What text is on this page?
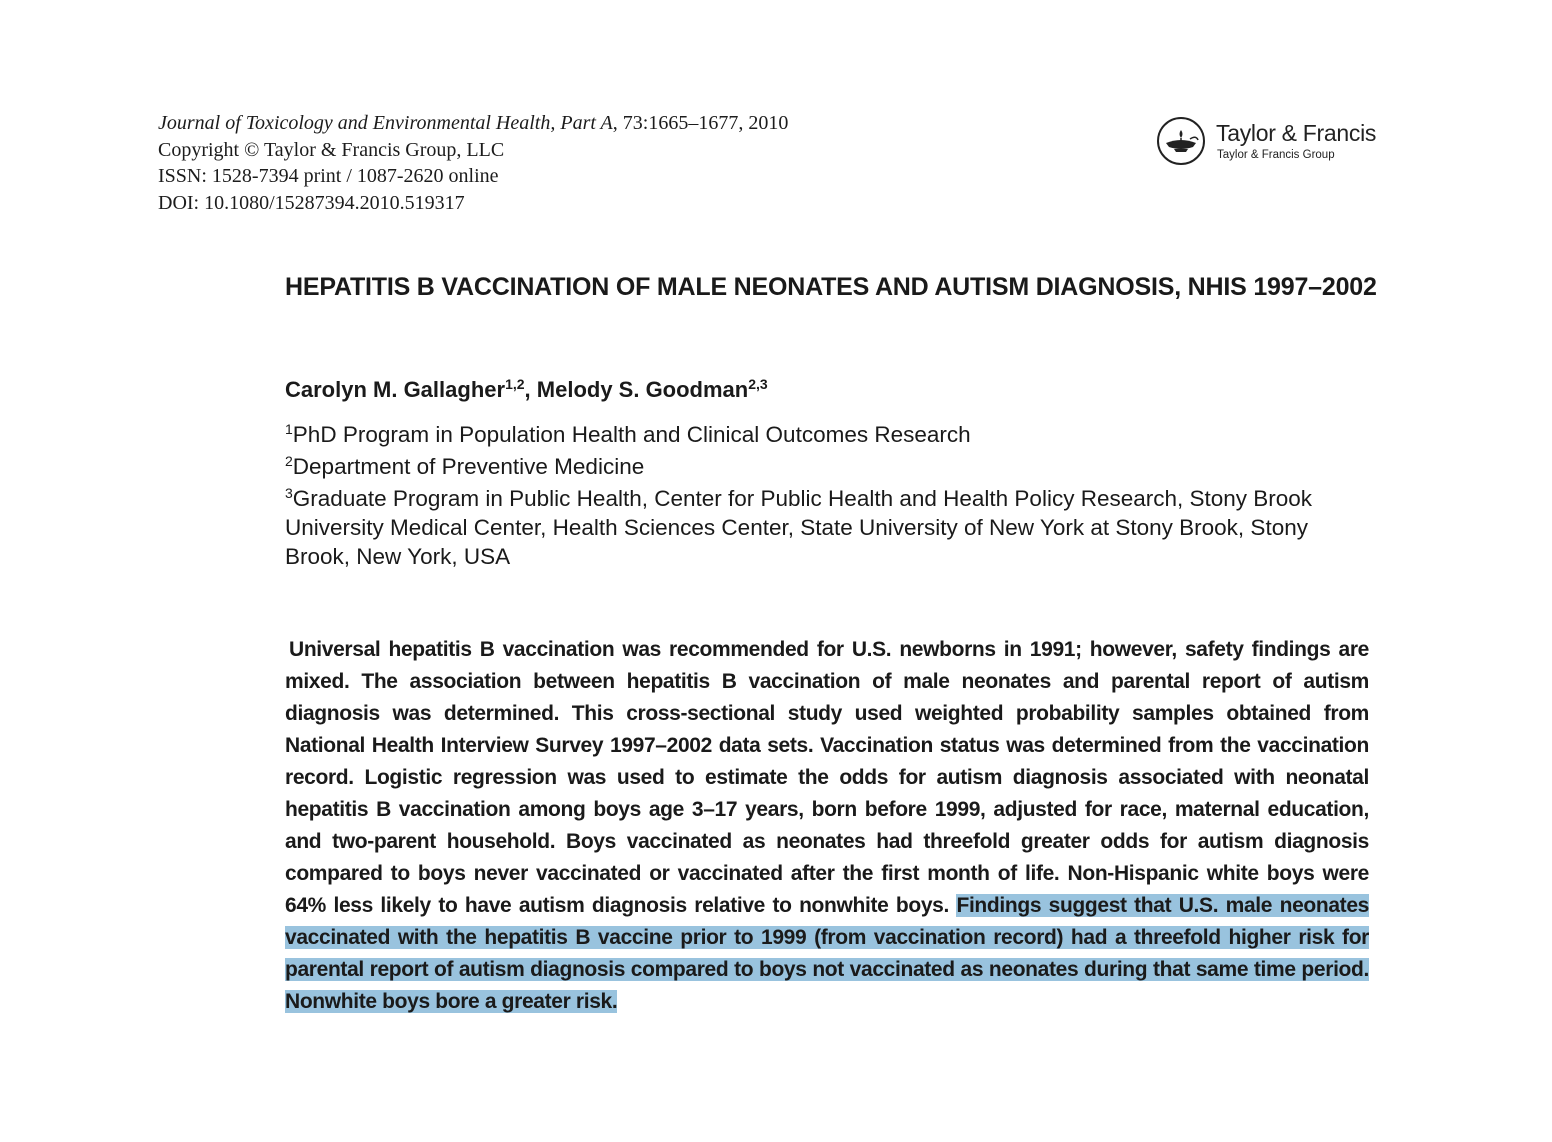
Journal of Toxicology and Environmental Health, Part A, 73:1665–1677, 2010
Copyright © Taylor & Francis Group, LLC
ISSN: 1528-7394 print / 1087-2620 online
DOI: 10.1080/15287394.2010.519317
Taylor & Francis
Taylor & Francis Group
HEPATITIS B VACCINATION OF MALE NEONATES AND AUTISM DIAGNOSIS, NHIS 1997–2002
Carolyn M. Gallagher$^{1,2}$, Melody S. Goodman$^{2,3}$
$^1$PhD Program in Population Health and Clinical Outcomes Research
$^2$Department of Preventive Medicine
$^3$Graduate Program in Public Health, Center for Public Health and Health Policy Research, Stony Brook University Medical Center, Health Sciences Center, State University of New York at Stony Brook, Stony Brook, New York, USA
Universal hepatitis B vaccination was recommended for U.S. newborns in 1991; however, safety findings are mixed. The association between hepatitis B vaccination of male neonates and parental report of autism diagnosis was determined. This cross-sectional study used weighted probability samples obtained from National Health Interview Survey 1997–2002 data sets. Vaccination status was determined from the vaccination record. Logistic regression was used to estimate the odds for autism diagnosis associated with neonatal hepatitis B vaccination among boys age 3–17 years, born before 1999, adjusted for race, maternal education, and two-parent household. Boys vaccinated as neonates had threefold greater odds for autism diagnosis compared to boys never vaccinated or vaccinated after the first month of life. Non-Hispanic white boys were 64% less likely to have autism diagnosis relative to nonwhite boys. Findings suggest that U.S. male neonates vaccinated with the hepatitis B vaccine prior to 1999 (from vaccination record) had a threefold higher risk for parental report of autism diagnosis compared to boys not vaccinated as neonates during that same time period. Nonwhite boys bore a greater risk.
